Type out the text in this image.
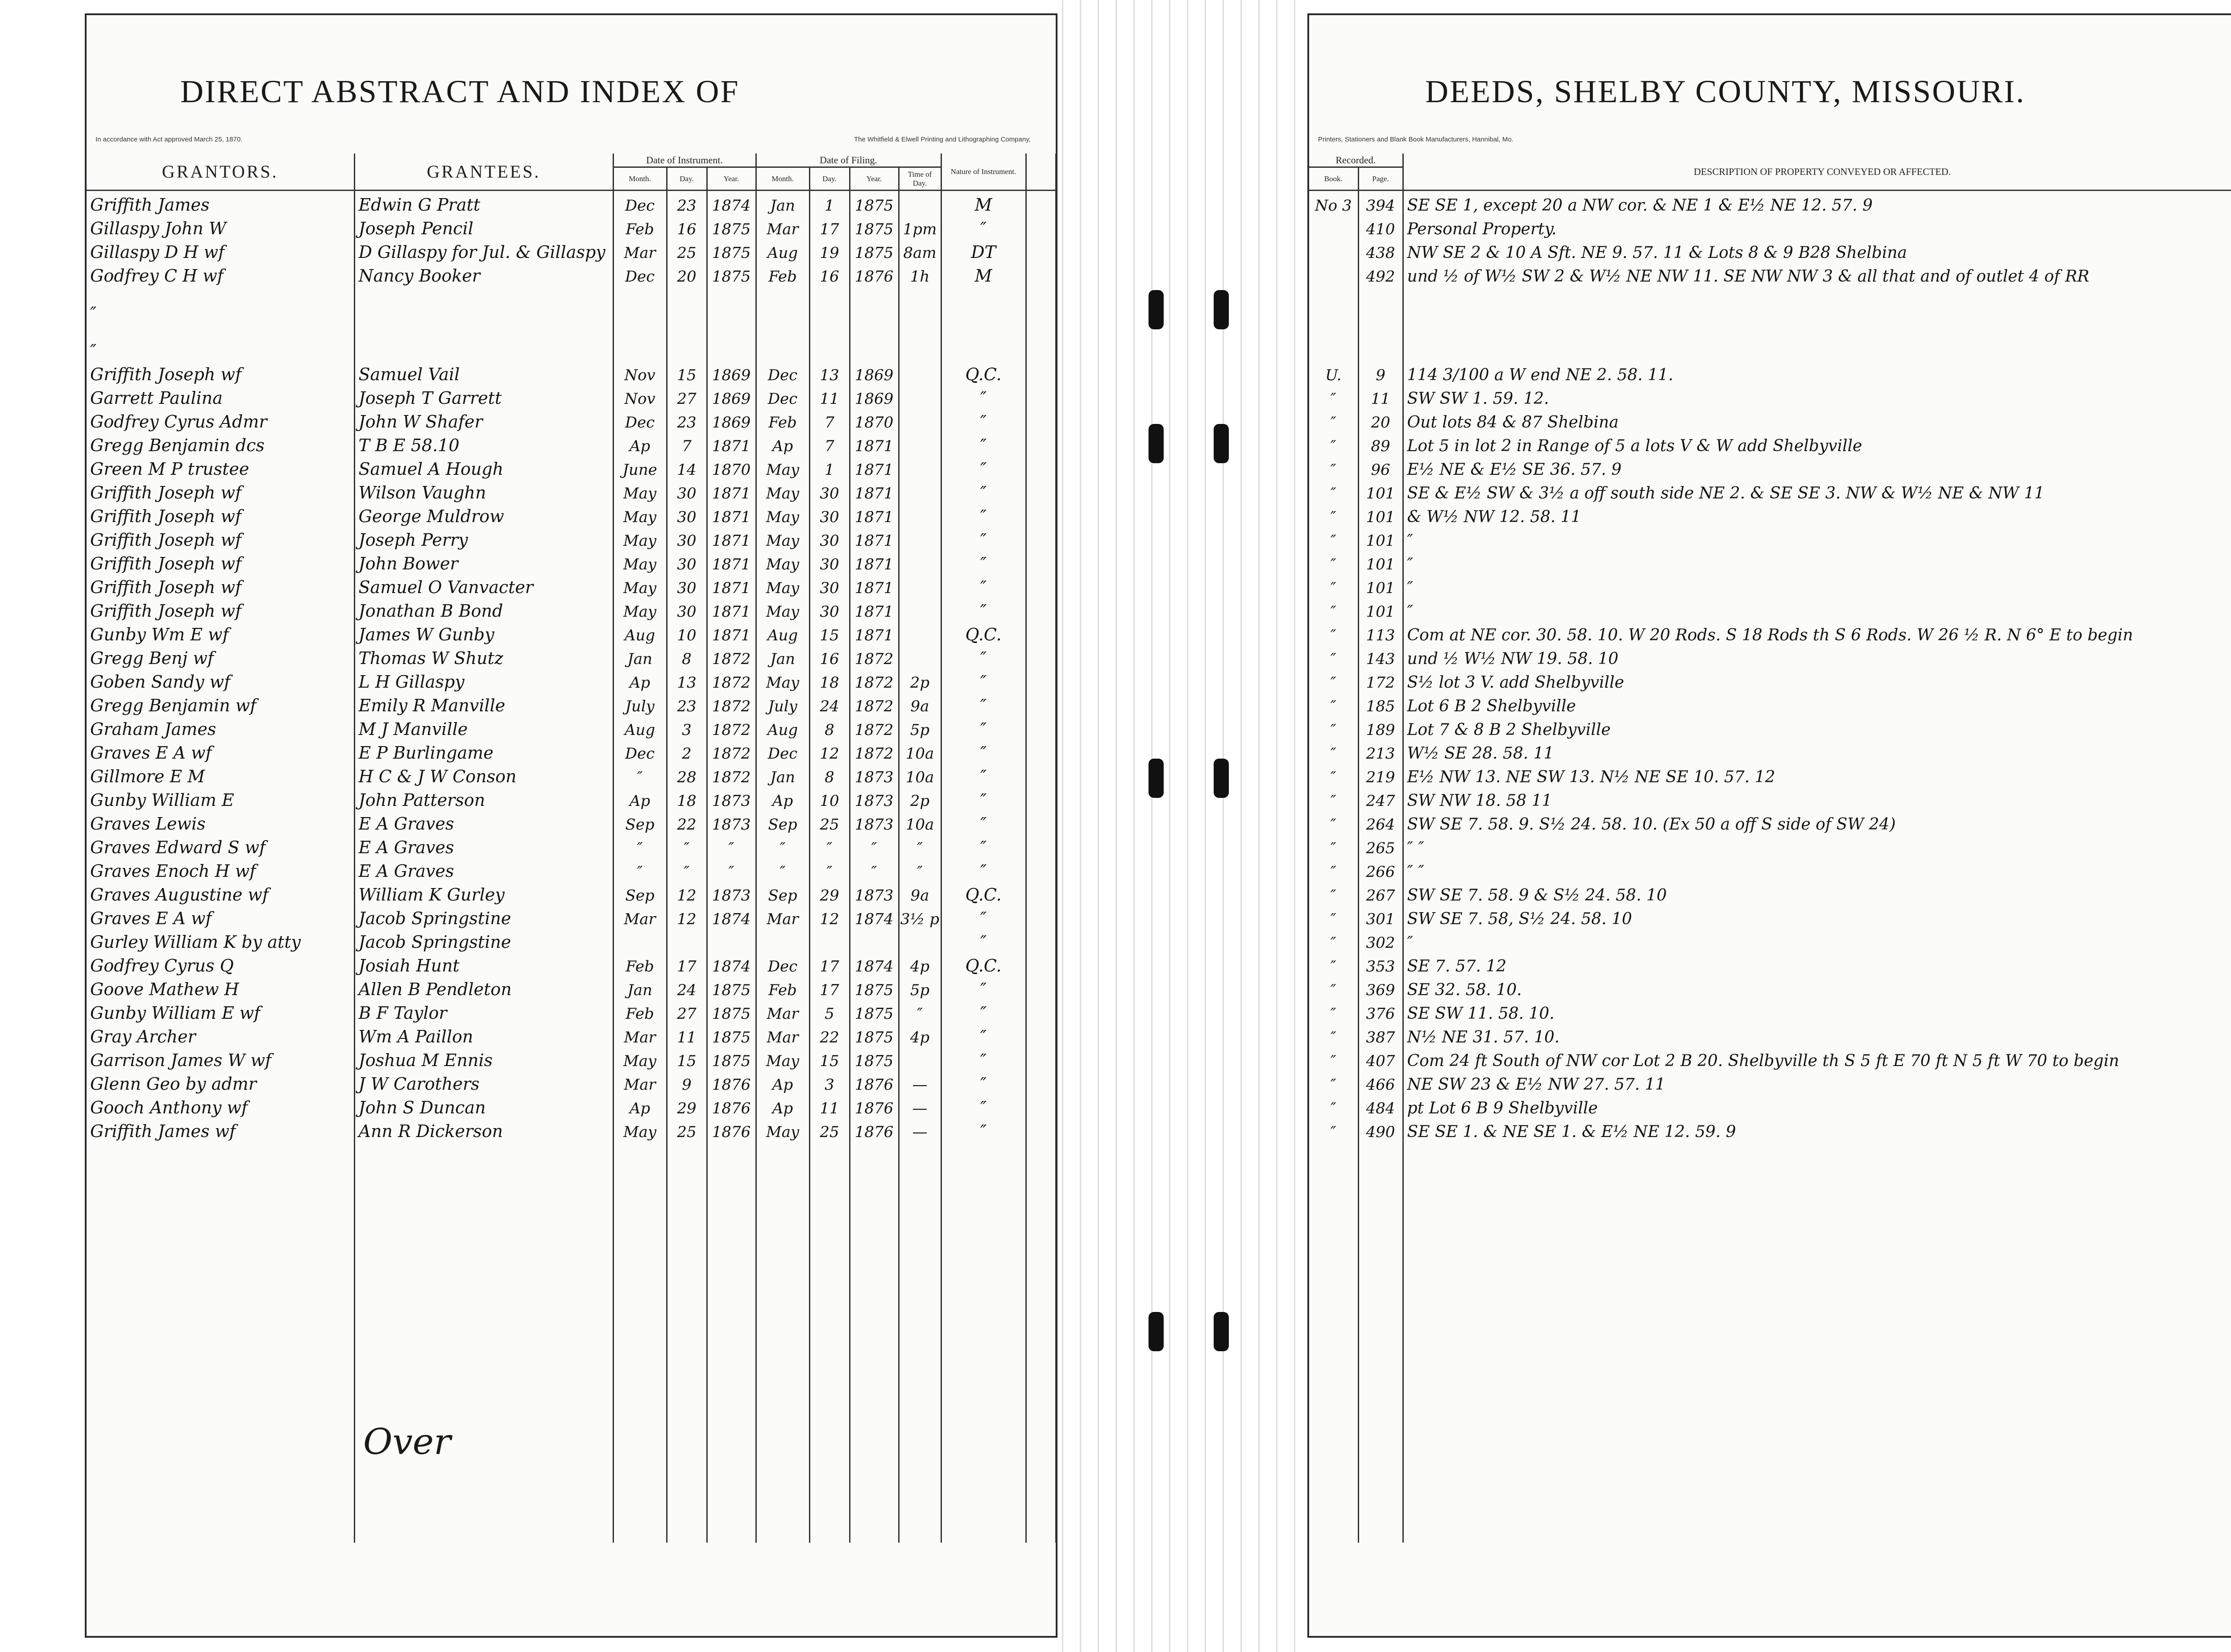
DIRECT ABSTRACT AND INDEX OF
In accordance with Act approved March 25, 1870.	The Whitfield & Elwell Printing and Lithographing Company,
GRANTORS.	GRANTEES.	Date of Instrument.			Date of Filing.				Nature of Instrument.	
		Month.	Day.	Year.	Month.	Day.	Year.	Time of Day.		
Griffith James	Edwin G Pratt	Dec	23	1874	Jan	1	1875		M	
Gillaspy John W	Joseph Pencil	Feb	16	1875	Mar	17	1875	1pm	″	
Gillaspy D H wf	D Gillaspy for Jul. & Gillaspy	Mar	25	1875	Aug	19	1875	8am	DT	
Godfrey C H wf	Nancy Booker	Dec	20	1875	Feb	16	1876	1h	M	
″										
″										
Griffith Joseph wf	Samuel Vail	Nov	15	1869	Dec	13	1869		Q.C.	
Garrett Paulina	Joseph T Garrett	Nov	27	1869	Dec	11	1869		″	
Godfrey Cyrus Admr	John W Shafer	Dec	23	1869	Feb	7	1870		″	
Gregg Benjamin dcs	T B E 58.10	Ap	7	1871	Ap	7	1871		″	
Green M P trustee	Samuel A Hough	June	14	1870	May	1	1871		″	
Griffith Joseph wf	Wilson Vaughn	May	30	1871	May	30	1871		″	
Griffith Joseph wf	George Muldrow	May	30	1871	May	30	1871		″	
Griffith Joseph wf	Joseph Perry	May	30	1871	May	30	1871		″	
Griffith Joseph wf	John Bower	May	30	1871	May	30	1871		″	
Griffith Joseph wf	Samuel O Vanvacter	May	30	1871	May	30	1871		″	
Griffith Joseph wf	Jonathan B Bond	May	30	1871	May	30	1871		″	
Gunby Wm E wf	James W Gunby	Aug	10	1871	Aug	15	1871		Q.C.	
Gregg Benj wf	Thomas W Shutz	Jan	8	1872	Jan	16	1872		″	
Goben Sandy wf	L H Gillaspy	Ap	13	1872	May	18	1872	2p	″	
Gregg Benjamin wf	Emily R Manville	July	23	1872	July	24	1872	9a	″	
Graham James	M J Manville	Aug	3	1872	Aug	8	1872	5p	″	
Graves E A wf	E P Burlingame	Dec	2	1872	Dec	12	1872	10a	″	
Gillmore E M	H C & J W Conson	″	28	1872	Jan	8	1873	10a	″	
Gunby William E	John Patterson	Ap	18	1873	Ap	10	1873	2p	″	
Graves Lewis	E A Graves	Sep	22	1873	Sep	25	1873	10a	″	
Graves Edward S wf	E A Graves	″	″	″	″	″	″	″	″	
Graves Enoch H wf	E A Graves	″	″	″	″	″	″	″	″	
Graves Augustine wf	William K Gurley	Sep	12	1873	Sep	29	1873	9a	Q.C.	
Graves E A wf	Jacob Springstine	Mar	12	1874	Mar	12	1874	3½ p	″	
Gurley William K by atty	Jacob Springstine								″	
Godfrey Cyrus Q	Josiah Hunt	Feb	17	1874	Dec	17	1874	4p	Q.C.	
Goove Mathew H	Allen B Pendleton	Jan	24	1875	Feb	17	1875	5p	″	
Gunby William E wf	B F Taylor	Feb	27	1875	Mar	5	1875	″	″	
Gray Archer	Wm A Paillon	Mar	11	1875	Mar	22	1875	4p	″	
Garrison James W wf	Joshua M Ennis	May	15	1875	May	15	1875		″	
Glenn Geo by admr	J W Carothers	Mar	9	1876	Ap	3	1876	—	″	
Gooch Anthony wf	John S Duncan	Ap	29	1876	Ap	11	1876	—	″	
Griffith James wf	Ann R Dickerson	May	25	1876	May	25	1876	—	″	

Over
DEEDS, SHELBY COUNTY, MISSOURI.
Printers, Stationers and Blank Book Manufacturers, Hannibal, Mo.
Recorded.		DESCRIPTION OF PROPERTY CONVEYED OR AFFECTED.			
Book.	Page.				
No 3	394	SE SE 1, except 20 a NW cor. & NE 1 & E½ NE 12. 57. 9			
	410	Personal Property.			
	438	NW SE 2 & 10 A Sft. NE 9. 57. 11 & Lots 8 & 9 B28 Shelbina			
	492	und ½ of W½ SW 2 & W½ NE NW 11. SE NW NW 3 & all that and of outlet 4 of RR			

U.	9	114 3/100 a W end NE 2. 58. 11.			
″	11	SW SW 1. 59. 12.			
″	20	Out lots 84 & 87 Shelbina			
″	89	Lot 5 in lot 2 in Range of 5 a lots V & W add Shelbyville			
″	96	E½ NE & E½ SE 36. 57. 9			
″	101	SE & E½ SW & 3½ a off south side NE 2. & SE SE 3. NW & W½ NE & NW 11			
″	101	& W½ NW 12. 58. 11			
″	101	″			
″	101	″			
″	101	″			
″	101	″			
″	113	Com at NE cor. 30. 58. 10. W 20 Rods. S 18 Rods th S 6 Rods. W 26 ½ R. N 6° E to begin			
″	143	und ½ W½ NW 19. 58. 10			
″	172	S½ lot 3 V. add Shelbyville			
″	185	Lot 6 B 2 Shelbyville			
″	189	Lot 7 & 8 B 2 Shelbyville			
″	213	W½ SE 28. 58. 11			
″	219	E½ NW 13. NE SW 13. N½ NE SE 10. 57. 12			
″	247	SW NW 18. 58 11			
″	264	SW SE 7. 58. 9. S½ 24. 58. 10. (Ex 50 a off S side of SW 24)			
″	265	″ ″			
″	266	″ ″			
″	267	SW SE 7. 58. 9 & S½ 24. 58. 10			
″	301	SW SE 7. 58, S½ 24. 58. 10			
″	302	″			
″	353	SE 7. 57. 12			
″	369	SE 32. 58. 10.			
″	376	SE SW 11. 58. 10.			
″	387	N½ NE 31. 57. 10.			
″	407	Com 24 ft South of NW cor Lot 2 B 20. Shelbyville th S 5 ft E 70 ft N 5 ft W 70 to begin			
″	466	NE SW 23 & E½ NW 27. 57. 11			
″	484	pt Lot 6 B 9 Shelbyville			
″	490	SE SE 1. & NE SE 1. & E½ NE 12. 59. 9			
